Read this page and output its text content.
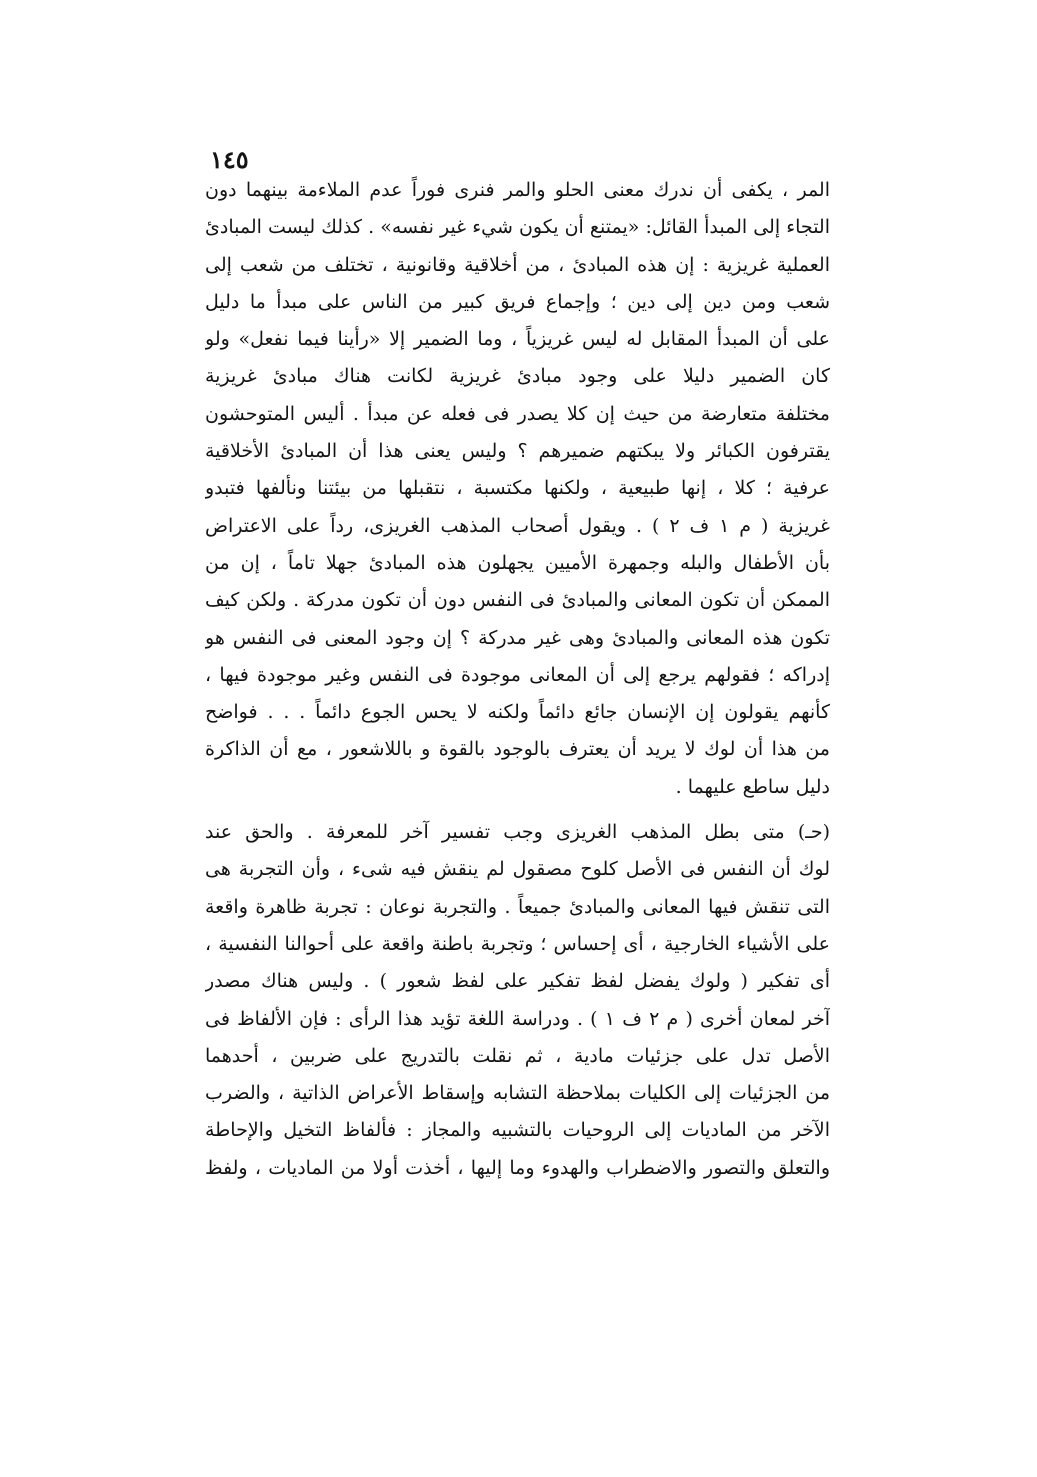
١٤٥
المر ، يكفى أن ندرك معنى الحلو والمر فنرى فوراً عدم الملاءمة بينهما دون
التجاء إلى المبدأ القائل: «يمتنع أن يكون شيء غير نفسه» . كذلك ليست المبادئ
العملية غريزية : إن هذه المبادئ ، من أخلاقية وقانونية ، تختلف من شعب إلى
شعب ومن دين إلى دين ؛ وإجماع فريق كبير من الناس على مبدأ ما دليل
على أن المبدأ المقابل له ليس غريزياً ، وما الضمير إلا «رأينا فيما نفعل» ولو
كان الضمير دليلا على وجود مبادئ غريزية لكانت هناك مبادئ غريزية
مختلفة متعارضة من حيث إن كلا يصدر فى فعله عن مبدأ . أليس المتوحشون
يقترفون الكبائر ولا يبكتهم ضميرهم ؟ وليس يعنى هذا أن المبادئ الأخلاقية
عرفية ؛ كلا ، إنها طبيعية ، ولكنها مكتسبة ، نتقبلها من بيئتنا ونألفها فتبدو
غريزية ( م ١ ف ٢ ) . ويقول أصحاب المذهب الغريزى، رداً على الاعتراض
بأن الأطفال والبله وجمهرة الأميين يجهلون هذه المبادئ جهلا تاماً ، إن من
الممكن أن تكون المعانى والمبادئ فى النفس دون أن تكون مدركة . ولكن كيف
تكون هذه المعانى والمبادئ وهى غير مدركة ؟ إن وجود المعنى فى النفس هو
إدراكه ؛ فقولهم يرجع إلى أن المعانى موجودة فى النفس وغير موجودة فيها ،
كأنهم يقولون إن الإنسان جائع دائماً ولكنه لا يحس الجوع دائماً . . . فواضح
من هذا أن لوك لا يريد أن يعترف بالوجود بالقوة و باللاشعور ، مع أن الذاكرة
دليل ساطع عليهما .
(حـ) متى بطل المذهب الغريزى وجب تفسير آخر للمعرفة . والحق عند
لوك أن النفس فى الأصل كلوح مصقول لم ينقش فيه شىء ، وأن التجربة هى
التى تنقش فيها المعانى والمبادئ جميعاً . والتجربة نوعان : تجربة ظاهرة واقعة
على الأشياء الخارجية ، أى إحساس ؛ وتجربة باطنة واقعة على أحوالنا النفسية ،
أى تفكير ( ولوك يفضل لفظ تفكير على لفظ شعور ) . وليس هناك مصدر
آخر لمعان أخرى ( م ٢ ف ١ ) . ودراسة اللغة تؤيد هذا الرأى : فإن الألفاظ فى
الأصل تدل على جزئيات مادية ، ثم نقلت بالتدريج على ضربين ، أحدهما
من الجزئيات إلى الكليات بملاحظة التشابه وإسقاط الأعراض الذاتية ، والضرب
الآخر من الماديات إلى الروحيات بالتشبيه والمجاز : فألفاظ التخيل والإحاطة
والتعلق والتصور والاضطراب والهدوء وما إليها ، أخذت أولا من الماديات ، ولفظ
